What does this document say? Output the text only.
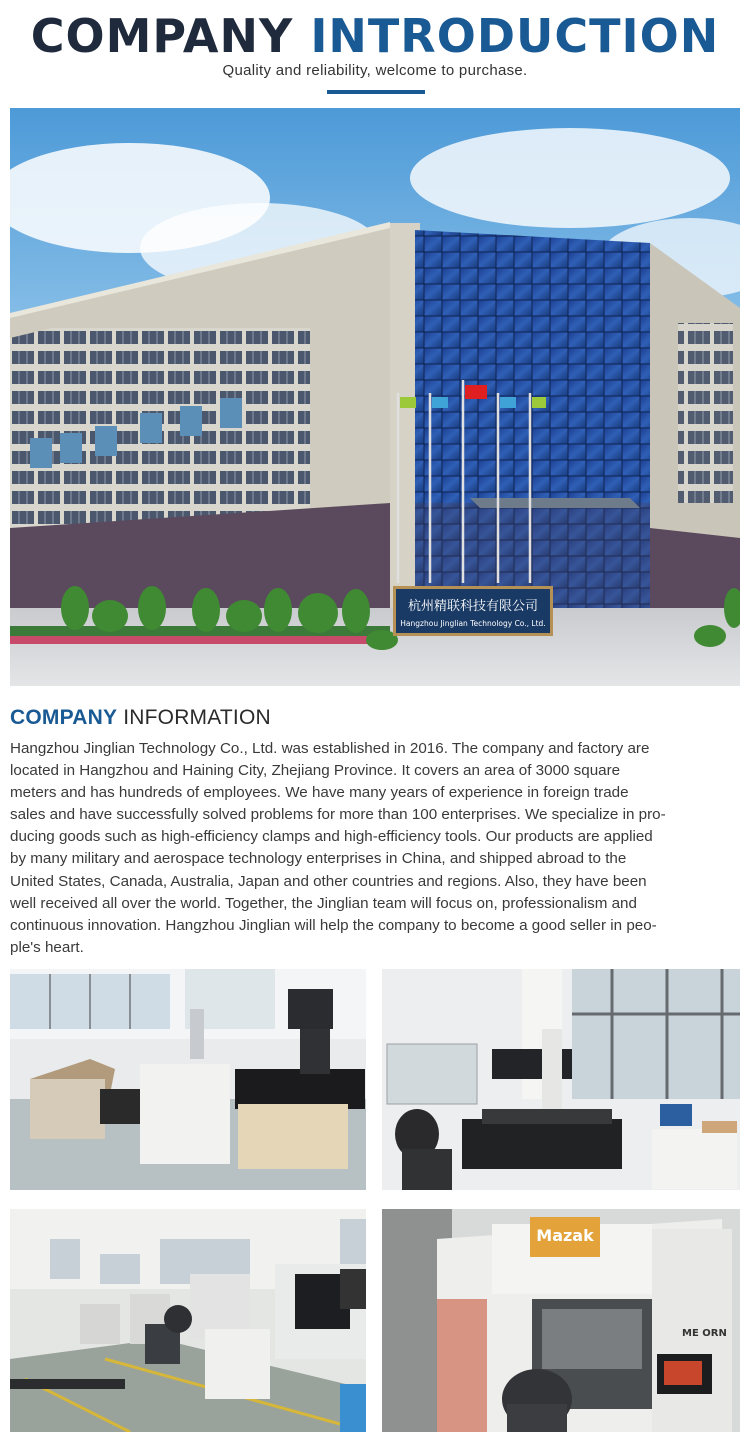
COMPANY INTRODUCTION
Quality and reliability, welcome to purchase.
杭州精联科技有限公司
Hangzhou Jinglian Technology Co., Ltd.
COMPANY INFORMATION
Hangzhou Jinglian Technology Co., Ltd. was established in 2016. The company and factory are
located in Hangzhou and Haining City, Zhejiang Province. It covers an area of 3000 square
meters and has hundreds of employees. We have many years of experience in foreign trade
sales and have successfully solved problems for more than 100 enterprises. We specialize in pro-
ducing goods such as high-efficiency clamps and high-efficiency tools. Our products are applied
by many military and aerospace technology enterprises in China, and shipped abroad to the
United States, Canada, Australia, Japan and other countries and regions. Also, they have been
well received all over the world. Together, the Jinglian team will focus on, professionalism and
continuous innovation. Hangzhou Jinglian will help the company to become a good seller in peo-
ple's heart.
Mazak
ME ORN
